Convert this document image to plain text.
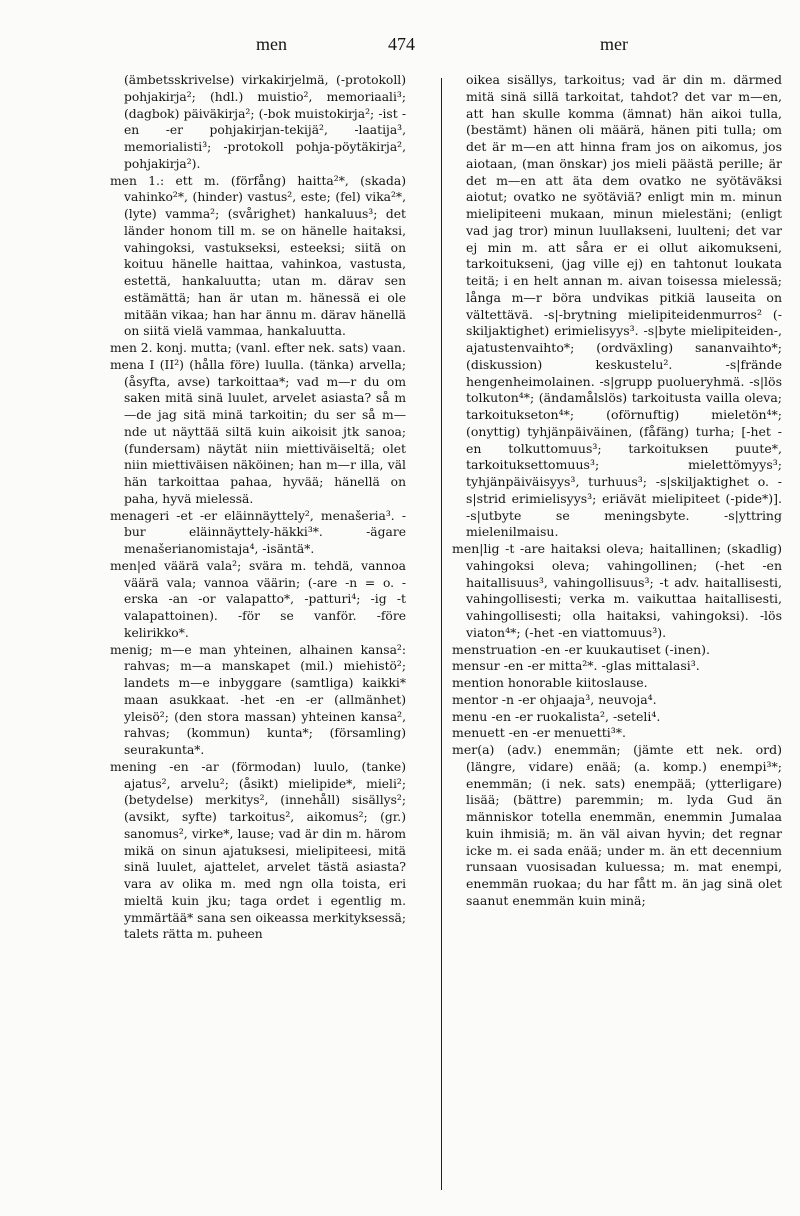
men	474	mer

(ämbetsskrivelse) virkakirjelmä, (-protokoll) pohjakirja²; (hdl.) muistio², memoriaali³; (dagbok) päiväkirja²; (-bok muistokirja²; -ist -en -er pohjakirjan-tekijä², -laatija³, memorialisti³; -protokoll pohja-pöytäkirja², pohjakirja²).

men 1.: ett m. (förfång) haitta²*, (skada) vahinko²*, (hinder) vastus², este; (fel) vika²*, (lyte) vamma²; (svårighet) hankaluus³; det länder honom till m. se on hänelle haitaksi, vahingoksi, vastukseksi, esteeksi; siitä on koituu hänelle haittaa, vahinkoa, vastusta, estettä, hankaluutta; utan m. därav sen estämättä; han är utan m. hänessä ei ole mitään vikaa; han har ännu m. därav hänellä on siitä vielä vammaa, hankaluutta.

men 2. konj. mutta; (vanl. efter nek. sats) vaan.

mena I (II²) (hålla före) luulla. (tänka) arvella; (åsyfta, avse) tarkoittaa*; vad m—r du om saken mitä sinä luulet, arvelet asiasta? så m—de jag sitä minä tarkoitin; du ser så m—nde ut näyttää siltä kuin aikoisit jtk sanoa; (fundersam) näytät niin miettiväiseltä; olet niin miettiväisen näköinen; han m—r illa, väl hän tarkoittaa pahaa, hyvää; hänellä on paha, hyvä mielessä.

menageri -et -er eläinnäyttely², menašeria³. -bur eläinnäyttely-häkki³*. -ägare menašerianomistaja⁴, -isäntä*.

men|ed väärä vala²; svära m. tehdä, vannoa väärä vala; vannoa väärin; (-are -n = o. -erska -an -or valapatto*, -patturi⁴; -ig -t valapattoinen). -för se vanför. -före kelirikko*.

menig; m—e man yhteinen, alhainen kansa²: rahvas; m—a manskapet (mil.) miehistö²; landets m—e inbyggare (samtliga) kaikki* maan asukkaat. -het -en -er (allmänhet) yleisö²; (den stora massan) yhteinen kansa², rahvas; (kommun) kunta*; (församling) seurakunta*.

mening -en -ar (förmodan) luulo, (tanke) ajatus², arvelu²; (åsikt) mielipide*, mieli²; (betydelse) merkitys², (innehåll) sisällys²; (avsikt, syfte) tarkoitus², aikomus²; (gr.) sanomus², virke*, lause; vad är din m. härom mikä on sinun ajatuksesi, mielipiteesi, mitä sinä luulet, ajattelet, arvelet tästä asiasta? vara av olika m. med ngn olla toista, eri mieltä kuin jku; taga ordet i egentlig m. ymmärtää* sana sen oikeassa merkityksessä; talets rätta m. puheen

oikea sisällys, tarkoitus; vad är din m. därmed mitä sinä sillä tarkoitat, tahdot? det var m—en, att han skulle komma (ämnat) hän aikoi tulla, (bestämt) hänen oli määrä, hänen piti tulla; om det är m—en att hinna fram jos on aikomus, jos aiotaan, (man önskar) jos mieli päästä perille; är det m—en att äta dem ovatko ne syötäväksi aiotut; ovatko ne syötäviä? enligt min m. minun mielipiteeni mukaan, minun mielestäni; (enligt vad jag tror) minun luullakseni, luulteni; det var ej min m. att såra er ei ollut aikomukseni, tarkoitukseni, (jag ville ej) en tahtonut loukata teitä; i en helt annan m. aivan toisessa mielessä; långa m—r böra undvikas pitkiä lauseita on vältettävä. -s|-brytning mielipiteidenmurros² (-skiljaktighet) erimielisyys³. -s|byte mielipiteiden-, ajatustenvaihto*; (ordväxling) sananvaihto*; (diskussion) keskustelu². -s|frände hengenheimolainen. -s|grupp puolueryhmä. -s|lös tolkuton⁴*; (ändamålslös) tarkoitusta vailla oleva; tarkoitukseton⁴*; (oförnuftig) mieletön⁴*; (onyttig) tyhjänpäiväinen, (fåfäng) turha; [-het -en tolkuttomuus³; tarkoituksen puute*, tarkoituksettomuus³; mielettömyys³; tyhjänpäiväisyys³, turhuus³; -s|skiljaktighet o. -s|strid erimielisyys³; eriävät mielipiteet (-pide*)]. -s|utbyte se meningsbyte. -s|yttring mielenilmaisu.

men|lig -t -are haitaksi oleva; haitallinen; (skadlig) vahingoksi oleva; vahingollinen; (-het -en haitallisuus³, vahingollisuus³; -t adv. haitallisesti, vahingollisesti; verka m. vaikuttaa haitallisesti, vahingollisesti; olla haitaksi, vahingoksi). -lös viaton⁴*; (-het -en viattomuus³).

menstruation -en -er kuukautiset (-inen).

mensur -en -er mitta²*. -glas mittalasi³.

mention honorable kiitoslause.

mentor -n -er ohjaaja³, neuvoja⁴.

menu -en -er ruokalista², -seteli⁴.

menuett -en -er menuetti³*.

mer(a) (adv.) enemmän; (jämte ett nek. ord) (längre, vidare) enää; (a. komp.) enempi³*; enemmän; (i nek. sats) enempää; (ytterligare) lisää; (bättre) paremmin; m. lyda Gud än människor totella enemmän, enemmin Jumalaa kuin ihmisiä; m. än väl aivan hyvin; det regnar icke m. ei sada enää; under m. än ett decennium runsaan vuosisadan kuluessa; m. mat enempi, enemmän ruokaa; du har fått m. än jag sinä olet saanut enemmän kuin minä;
